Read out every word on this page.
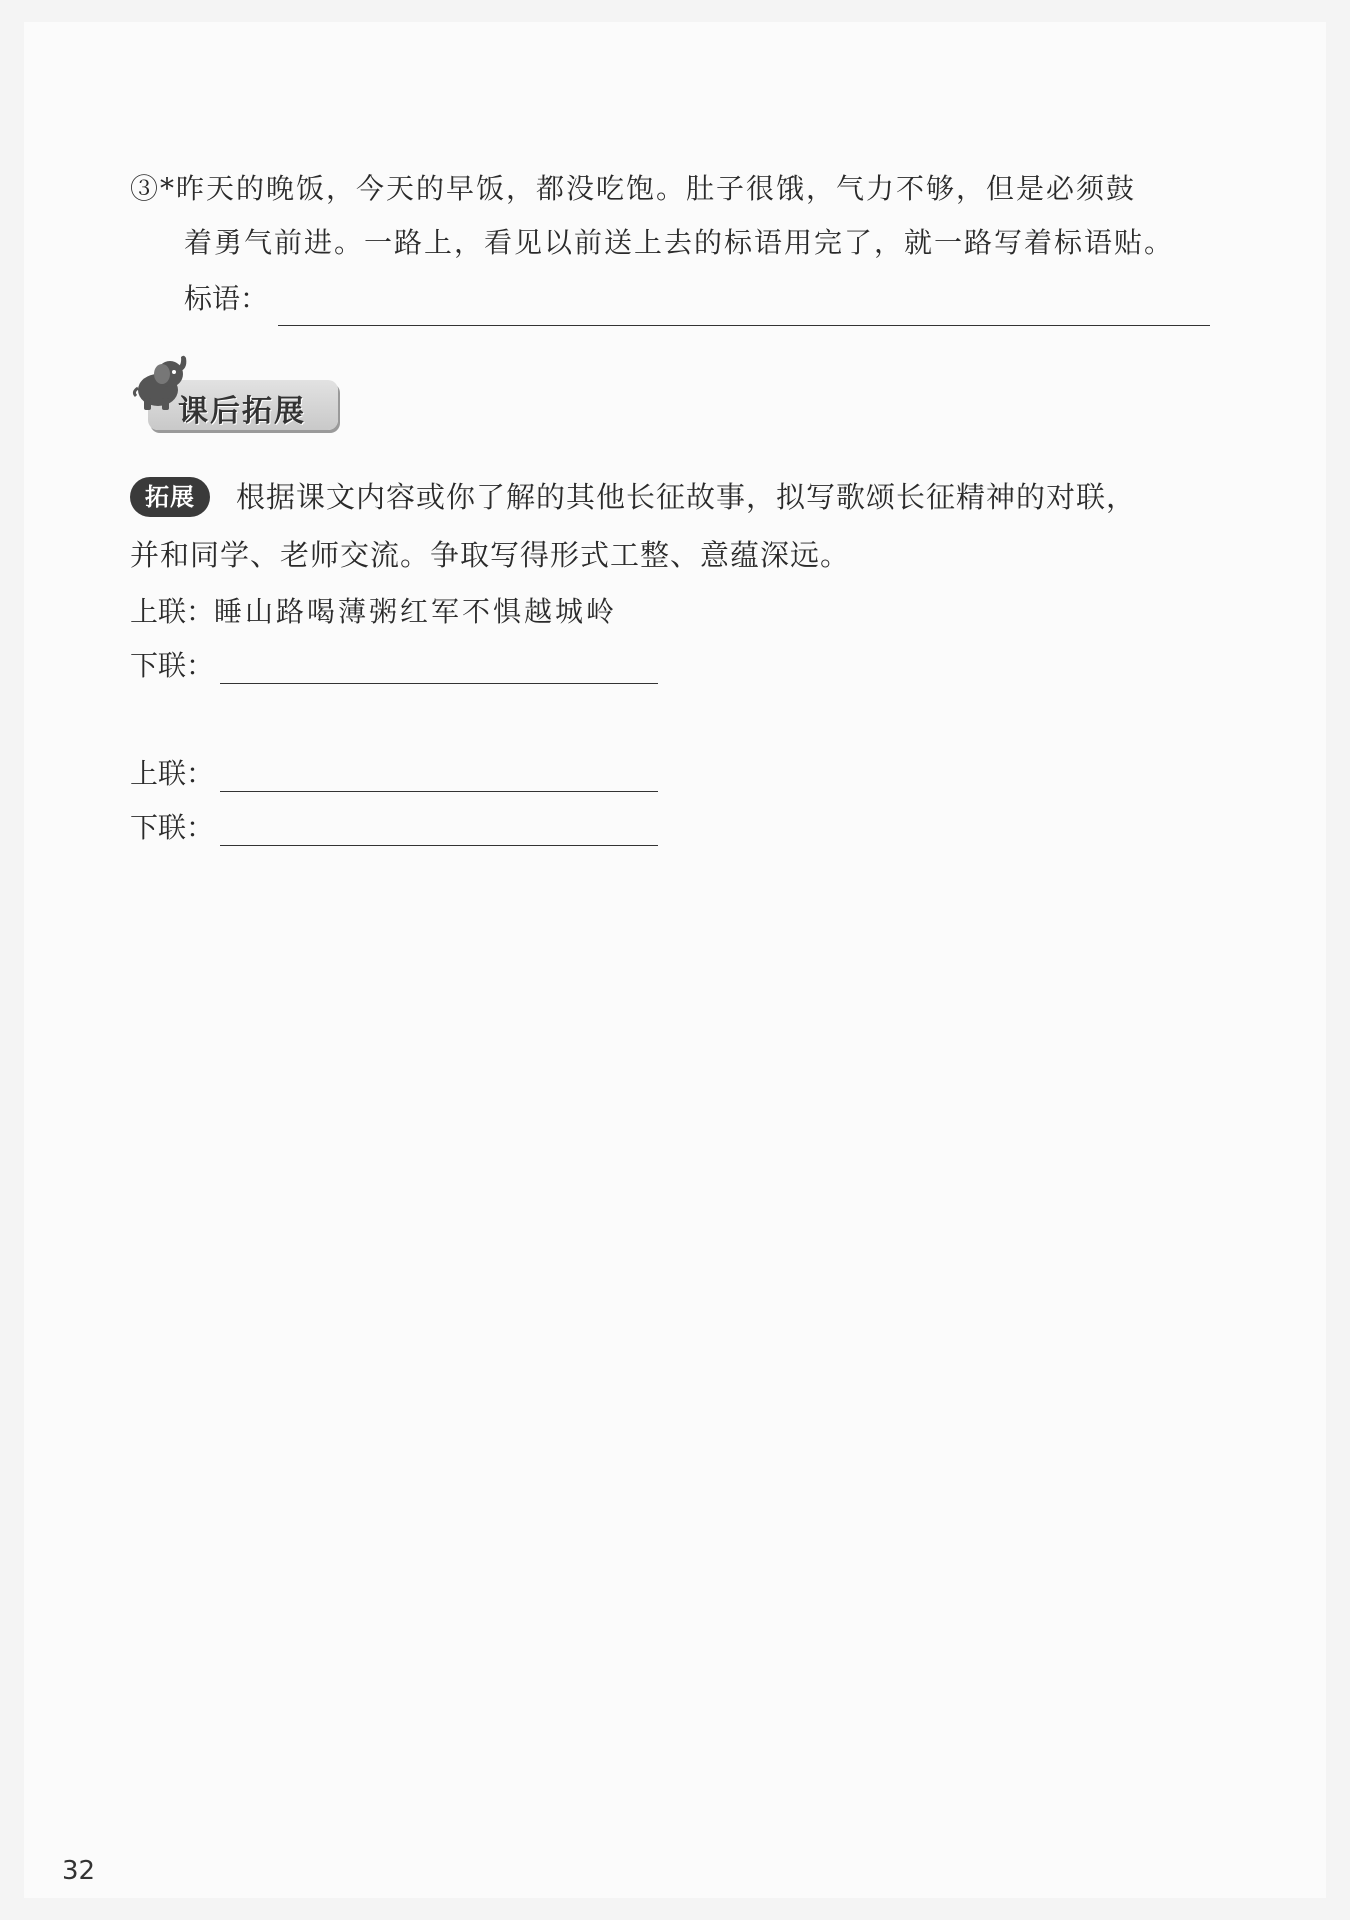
③*昨天的晚饭，今天的早饭，都没吃饱。肚子很饿，气力不够，但是必须鼓
着勇气前进。一路上，看见以前送上去的标语用完了，就一路写着标语贴。
标语：
课后拓展
拓展	根据课文内容或你了解的其他长征故事，拟写歌颂长征精神的对联，
并和同学、老师交流。争取写得形式工整、意蕴深远。
上联： 睡山路喝薄粥红军不惧越城岭
下联：
上联：
下联：
32
